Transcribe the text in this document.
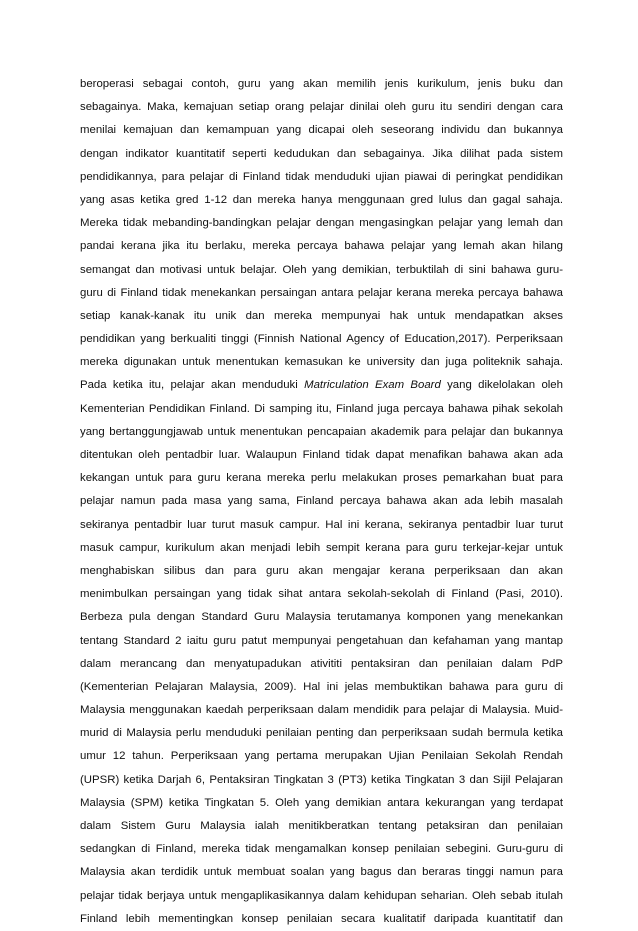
beroperasi sebagai contoh, guru yang akan memilih jenis kurikulum, jenis buku dan
sebagainya. Maka, kemajuan setiap orang pelajar dinilai oleh guru itu sendiri dengan cara
menilai kemajuan dan kemampuan yang dicapai oleh seseorang individu dan bukannya
dengan indikator kuantitatif seperti kedudukan dan sebagainya. Jika dilihat pada sistem
pendidikannya, para pelajar di Finland tidak menduduki ujian piawai di peringkat pendidikan
yang asas ketika gred 1-12 dan mereka hanya menggunaan gred lulus dan gagal sahaja.
Mereka tidak mebanding-bandingkan pelajar dengan mengasingkan pelajar yang lemah dan
pandai kerana jika itu berlaku, mereka percaya bahawa pelajar yang lemah akan hilang
semangat dan motivasi untuk belajar. Oleh yang demikian, terbuktilah di sini bahawa guru-
guru di Finland tidak menekankan persaingan antara pelajar kerana mereka percaya bahawa
setiap kanak-kanak itu unik dan mereka mempunyai hak untuk mendapatkan akses
pendidikan yang berkualiti tinggi (Finnish National Agency of Education,2017). Perperiksaan
mereka digunakan untuk menentukan kemasukan ke university dan juga politeknik sahaja.
Pada ketika itu, pelajar akan menduduki Matriculation Exam Board yang dikelolakan oleh
Kementerian Pendidikan Finland. Di samping itu, Finland juga percaya bahawa pihak sekolah
yang bertanggungjawab untuk menentukan pencapaian akademik para pelajar dan bukannya
ditentukan oleh pentadbir luar. Walaupun Finland tidak dapat menafikan bahawa akan ada
kekangan untuk para guru kerana mereka perlu melakukan proses pemarkahan buat para
pelajar namun pada masa yang sama, Finland percaya bahawa akan ada lebih masalah
sekiranya pentadbir luar turut masuk campur. Hal ini kerana, sekiranya pentadbir luar turut
masuk campur, kurikulum akan menjadi lebih sempit kerana para guru terkejar-kejar untuk
menghabiskan silibus dan para guru akan mengajar kerana perperiksaan dan akan
menimbulkan persaingan yang tidak sihat antara sekolah-sekolah di Finland (Pasi, 2010).
Berbeza pula dengan Standard Guru Malaysia terutamanya komponen yang menekankan
tentang Standard 2 iaitu guru patut mempunyai pengetahuan dan kefahaman yang mantap
dalam merancang dan menyatupadukan ativititi pentaksiran dan penilaian dalam PdP
(Kementerian Pelajaran Malaysia, 2009). Hal ini jelas membuktikan bahawa para guru di
Malaysia menggunakan kaedah perperiksaan dalam mendidik para pelajar di Malaysia. Muid-
murid di Malaysia perlu menduduki penilaian penting dan perperiksaan sudah bermula ketika
umur 12 tahun. Perperiksaan yang pertama merupakan Ujian Penilaian Sekolah Rendah
(UPSR) ketika Darjah 6, Pentaksiran Tingkatan 3 (PT3) ketika Tingkatan 3 dan Sijil Pelajaran
Malaysia (SPM) ketika Tingkatan 5. Oleh yang demikian antara kekurangan yang terdapat
dalam Sistem Guru Malaysia ialah menitikberatkan tentang petaksiran dan penilaian
sedangkan di Finland, mereka tidak mengamalkan konsep penilaian sebegini. Guru-guru di
Malaysia akan terdidik untuk membuat soalan yang bagus dan beraras tinggi namun para
pelajar tidak berjaya untuk mengaplikasikannya dalam kehidupan seharian. Oleh sebab itulah
Finland lebih mementingkan konsep penilaian secara kualitatif daripada kuantitatif dan
